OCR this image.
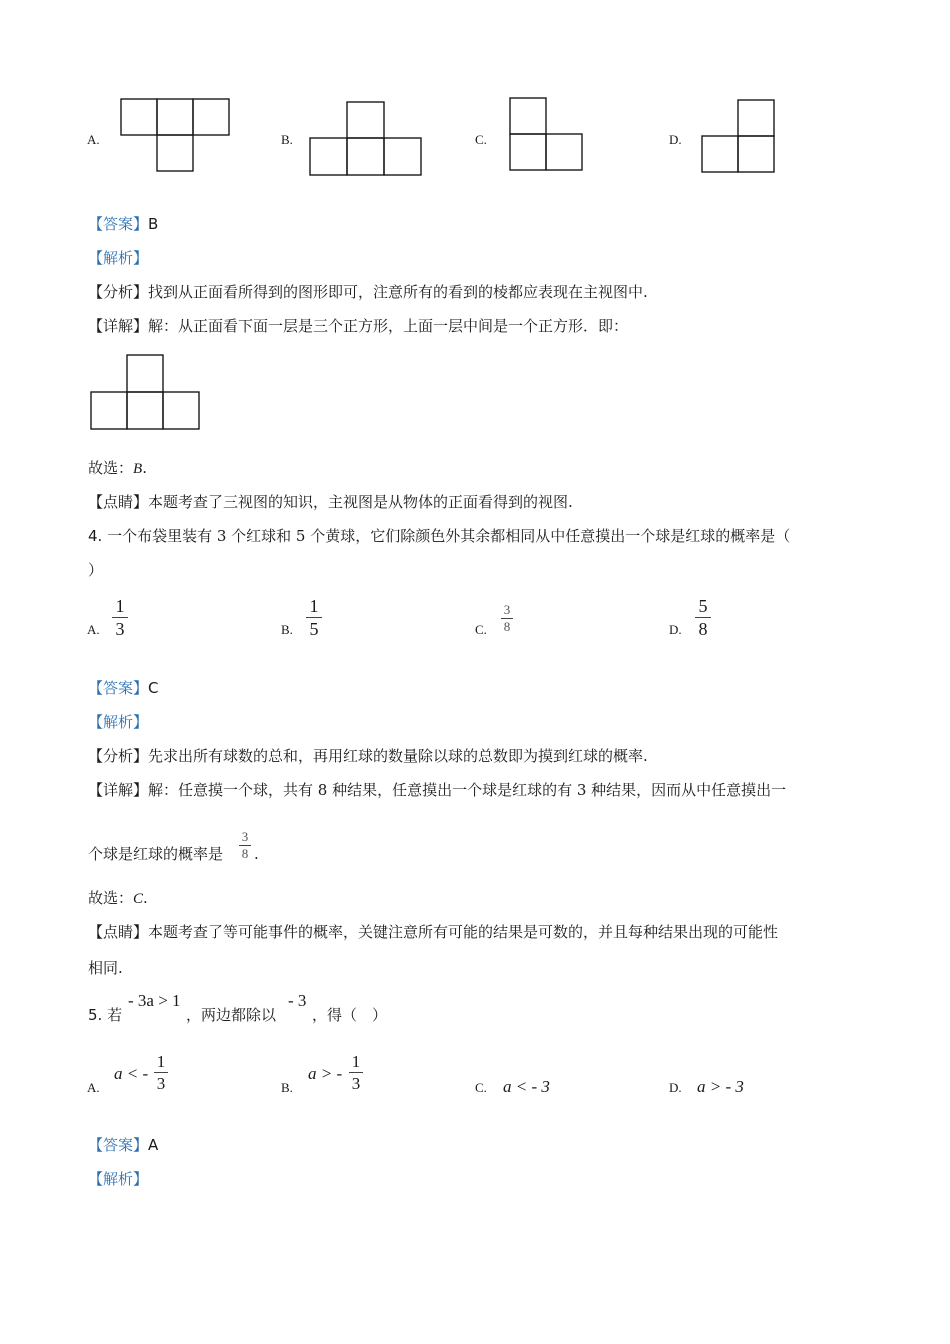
A.	B.	C.	D.
【答案】B
【解析】
【分析】找到从正面看所得到的图形即可，注意所有的看到的棱都应表现在主视图中.
【详解】解：从正面看下面一层是三个正方形，上面一层中间是一个正方形．即：
故选：B.
【点睛】本题考查了三视图的知识，主视图是从物体的正面看得到的视图.
4. 一个布袋里装有 3 个红球和 5 个黄球，它们除颜色外其余都相同从中任意摸出一个球是红球的概率是（
）
A.
1
3	B.
1
5	C.
3
8	D.
5
8
【答案】C
【解析】
【分析】先求出所有球数的总和，再用红球的数量除以球的总数即为摸到红球的概率.
【详解】解：任意摸一个球，共有 8 种结果，任意摸出一个球是红球的有 3 种结果，因而从中任意摸出一
个球是红球的概率是
3
8 .
故选：C.
【点睛】本题考查了等可能事件的概率，关键注意所有可能的结果是可数的，并且每种结果出现的可能性
相同.
5. 若
- 3a > 1
，两边都除以
- 3
，得（　）
A.
a < -
1
3	B.
a > -
1
3	C. a < - 3	D. a > - 3
【答案】A
【解析】
